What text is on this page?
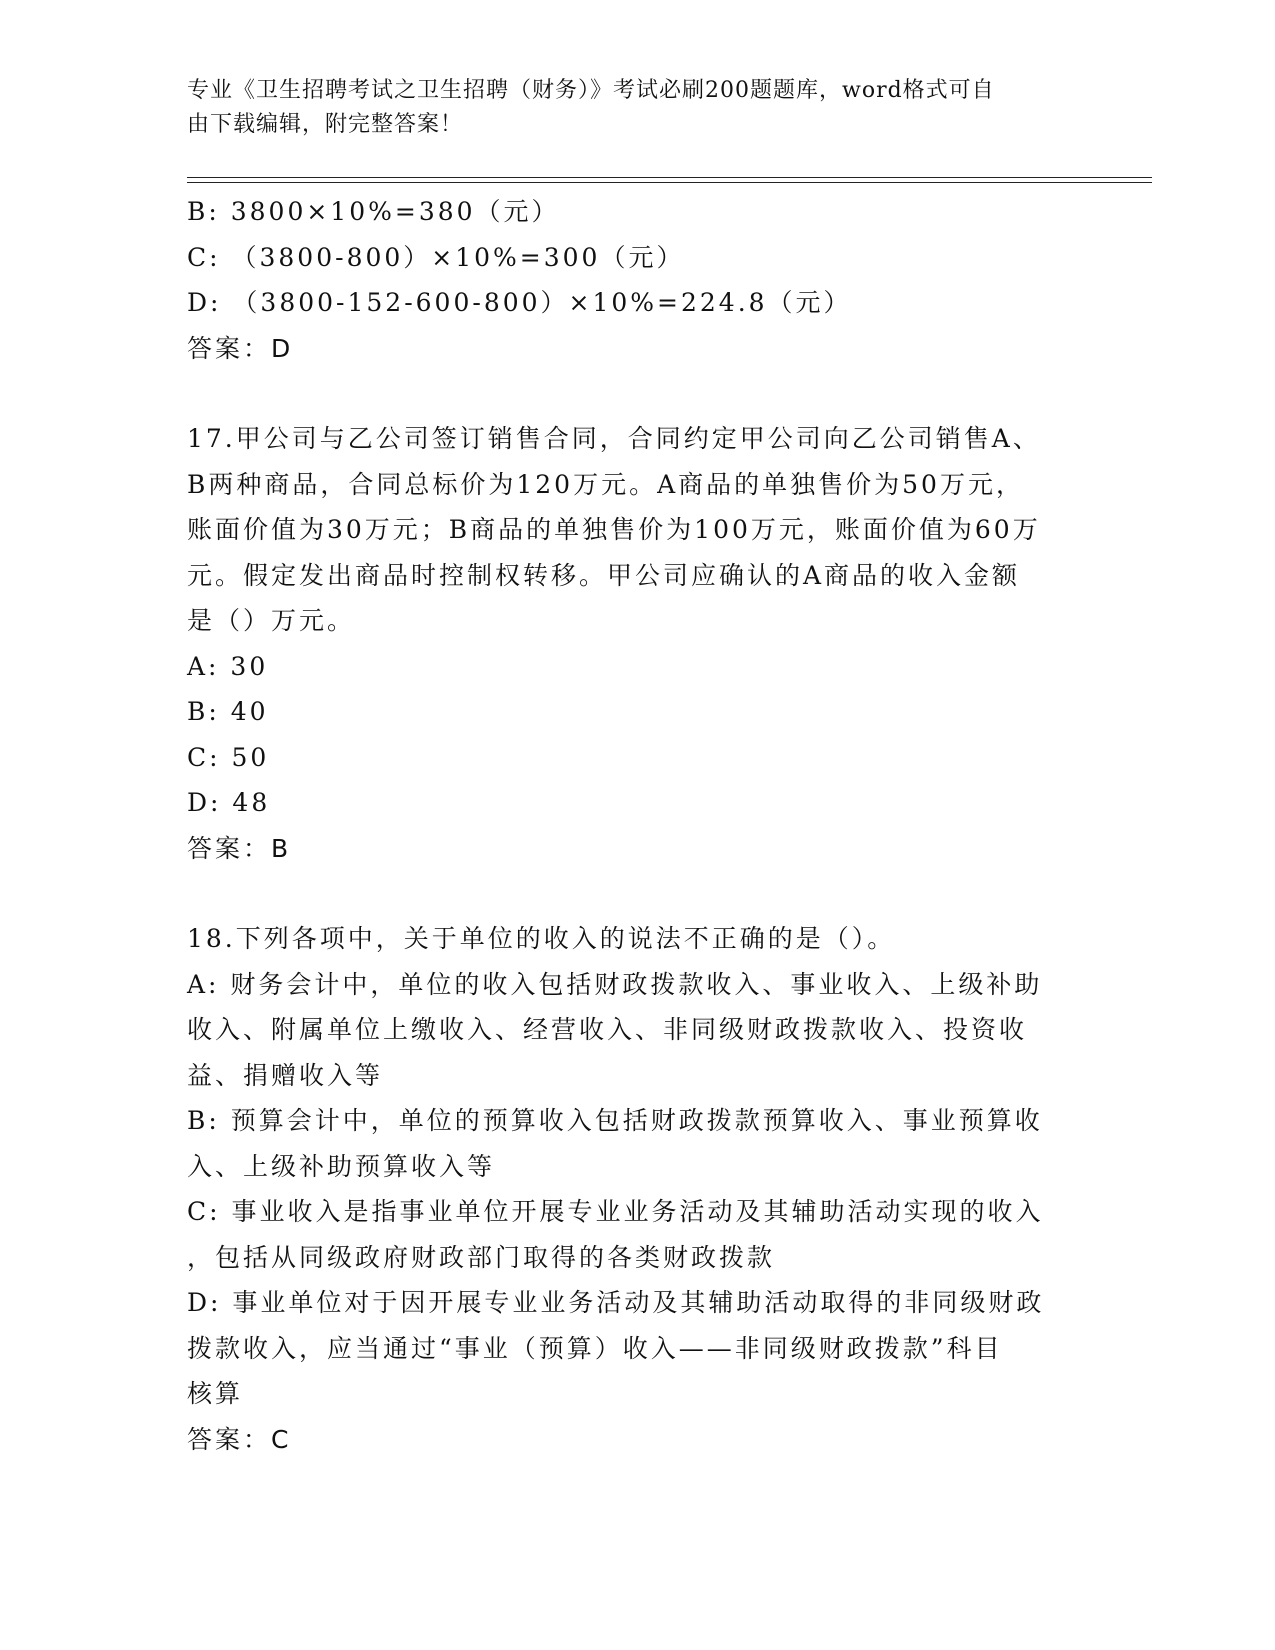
专业《卫生招聘考试之卫生招聘（财务）》考试必刷200题题库，word格式可自

由下载编辑，附完整答案！

B: 3800×10%=380（元）

C: （3800-800）×10%=300（元）

D: （3800-152-600-800）×10%=224.8（元）

答案：D

17.甲公司与乙公司签订销售合同，合同约定甲公司向乙公司销售A、

B两种商品，合同总标价为120万元。A商品的单独售价为50万元，

账面价值为30万元；B商品的单独售价为100万元，账面价值为60万

元。假定发出商品时控制权转移。甲公司应确认的A商品的收入金额

是（）万元。

A: 30

B: 40

C: 50

D: 48

答案：B

18.下列各项中，关于单位的收入的说法不正确的是（）。

A: 财务会计中，单位的收入包括财政拨款收入、事业收入、上级补助

收入、附属单位上缴收入、经营收入、非同级财政拨款收入、投资收

益、捐赠收入等

B: 预算会计中，单位的预算收入包括财政拨款预算收入、事业预算收

入、上级补助预算收入等

C: 事业收入是指事业单位开展专业业务活动及其辅助活动实现的收入

，包括从同级政府财政部门取得的各类财政拨款

D: 事业单位对于因开展专业业务活动及其辅助活动取得的非同级财政

拨款收入，应当通过“事业（预算）收入——非同级财政拨款”科目

核算

答案：C
